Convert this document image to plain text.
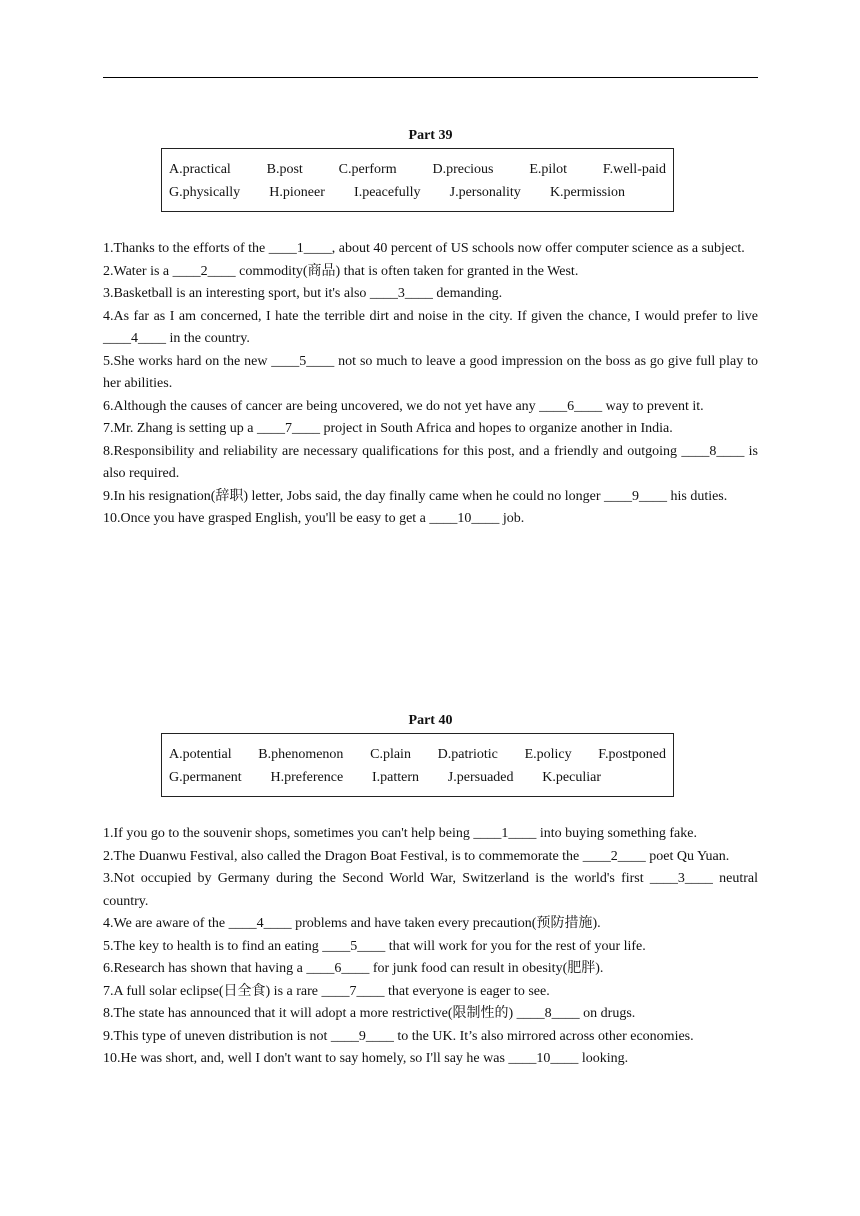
Part 39
A.practical	B.post	C.perform	D.precious	E.pilot	F.well-paid
G.physically H.pioneer I.peacefully J.personality K.permission

1.Thanks to the efforts of the ____1____, about 40 percent of US schools now offer computer science as a subject.

2.Water is a ____2____ commodity(商品) that is often taken for granted in the West.

3.Basketball is an interesting sport, but it's also ____3____ demanding.

4.As far as I am concerned, I hate the terrible dirt and noise in the city. If given the chance, I would prefer to live ____4____ in the country.

5.She works hard on the new ____5____ not so much to leave a good impression on the boss as go give full play to her abilities.

6.Although the causes of cancer are being uncovered, we do not yet have any ____6____ way to prevent it.

7.Mr. Zhang is setting up a ____7____ project in South Africa and hopes to organize another in India.

8.Responsibility and reliability are necessary qualifications for this post, and a friendly and outgoing ____8____ is also required.

9.In his resignation(辞职) letter, Jobs said, the day finally came when he could no longer ____9____ his duties.

10.Once you have grasped English, you'll be easy to get a ____10____ job.

Part 40
A.potential B.phenomenon C.plain D.patriotic E.policy F.postponed
G.permanent H.preference I.pattern J.persuaded K.peculiar

1.If you go to the souvenir shops, sometimes you can't help being ____1____ into buying something fake.

2.The Duanwu Festival, also called the Dragon Boat Festival, is to commemorate the ____2____ poet Qu Yuan.

3.Not occupied by Germany during the Second World War, Switzerland is the world's first ____3____ neutral country.

4.We are aware of the ____4____ problems and have taken every precaution(预防措施).

5.The key to health is to find an eating ____5____ that will work for you for the rest of your life.

6.Research has shown that having a ____6____ for junk food can result in obesity(肥胖).

7.A full solar eclipse(日全食) is a rare ____7____ that everyone is eager to see.

8.The state has announced that it will adopt a more restrictive(限制性的) ____8____ on drugs.

9.This type of uneven distribution is not ____9____ to the UK. It’s also mirrored across other economies.

10.He was short, and, well I don't want to say homely, so I'll say he was ____10____ looking.
